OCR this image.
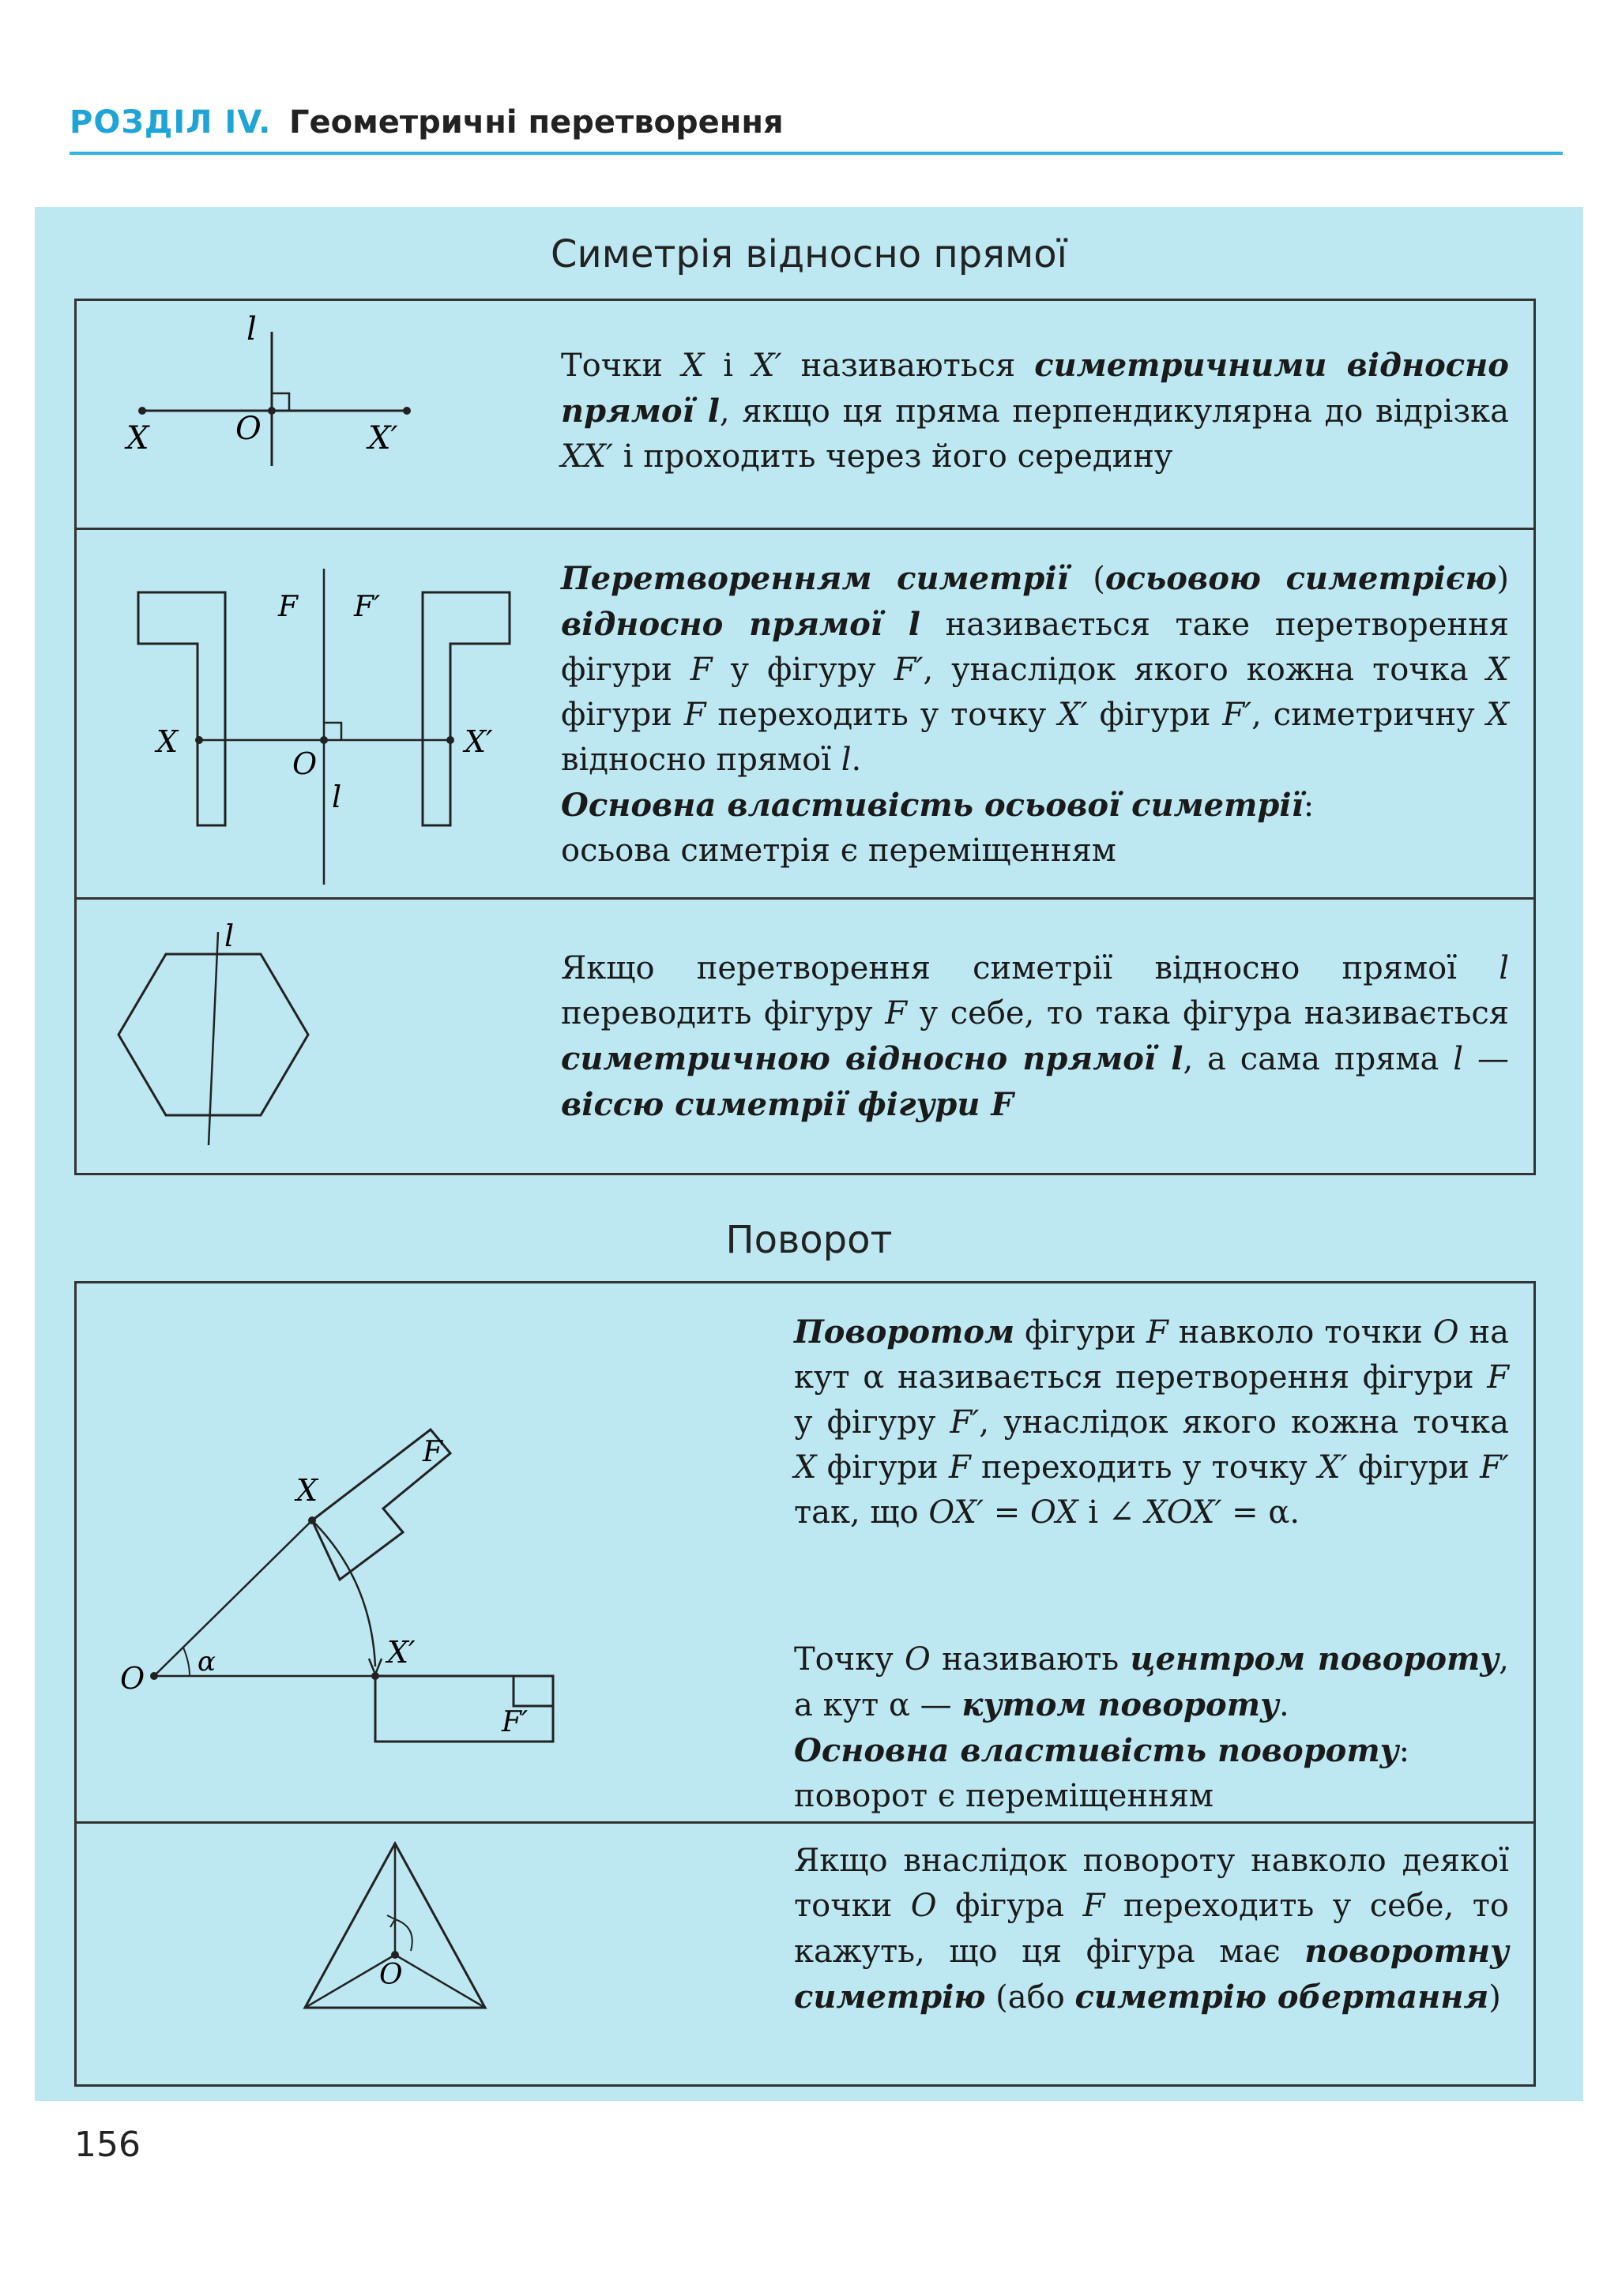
РОЗДІЛ IV. Геометричні перетворення
Симетрія відносно прямої
l
X	O	X′
Точки X і X′ називаються симетричними відносно прямої l, якщо ця пряма перпендикулярна до відрізка XX′ і проходить через його середину
F F′
X
O
X′
l
Перетворенням симетрії (осьовою симетрією) відносно прямої l називається таке перетворення фігури F у фігуру F′, унаслідок якого кожна точка X фігури F переходить у точку X′ фігури F′, симетричну X відносно прямої l.
Основна властивість осьової симетрії:
осьова симетрія є переміщенням
l
Якщо перетворення симетрії відносно прямої l переводить фігуру F у себе, то така фігура називається симетричною відносно прямої l, а сама пряма l — віссю симетрії фігури F
Поворот
X
F
X′
F′
O α
Поворотом фігури F навколо точки O на кут α називається перетворення фігури F у фігуру F′, унаслідок якого кожна точка X фігури F переходить у точку X′ фігури F′ так, що OX′ = OX і ∠ XOX′ = α.
Точку O називають центром повороту, а кут α — кутом повороту.
Основна властивість повороту:
поворот є переміщенням
O
Якщо внаслідок повороту навколо деякої точки O фігура F переходить у себе, то кажуть, що ця фігура має поворотну симетрію (або симетрію обертання)
156
